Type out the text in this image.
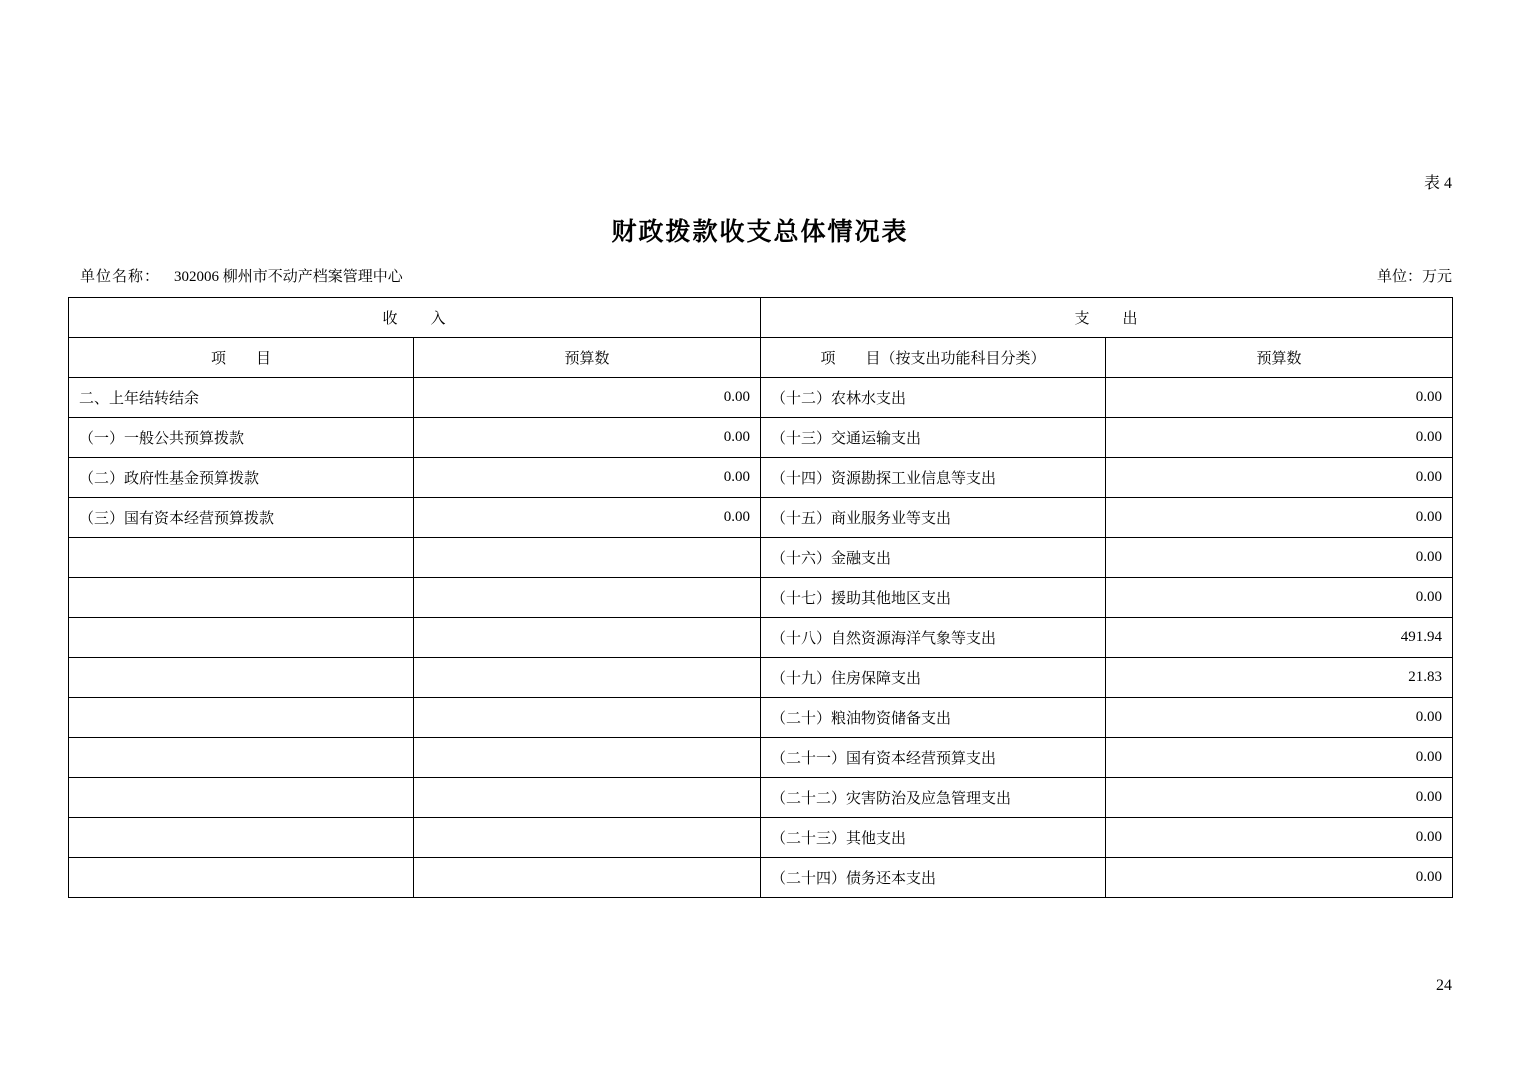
表 4
财政拨款收支总体情况表
单位名称： 302006 柳州市不动产档案管理中心	单位：万元
收　　入		支　　出	
项　　目	预算数	项　　目（按支出功能科目分类）	预算数
二、上年结转结余	0.00	（十二）农林水支出	0.00
（一）一般公共预算拨款	0.00	（十三）交通运输支出	0.00
（二）政府性基金预算拨款	0.00	（十四）资源勘探工业信息等支出	0.00
（三）国有资本经营预算拨款	0.00	（十五）商业服务业等支出	0.00
		（十六）金融支出	0.00
		（十七）援助其他地区支出	0.00
		（十八）自然资源海洋气象等支出	491.94
		（十九）住房保障支出	21.83
		（二十）粮油物资储备支出	0.00
		（二十一）国有资本经营预算支出	0.00
		（二十二）灾害防治及应急管理支出	0.00
		（二十三）其他支出	0.00
		（二十四）债务还本支出	0.00
24
